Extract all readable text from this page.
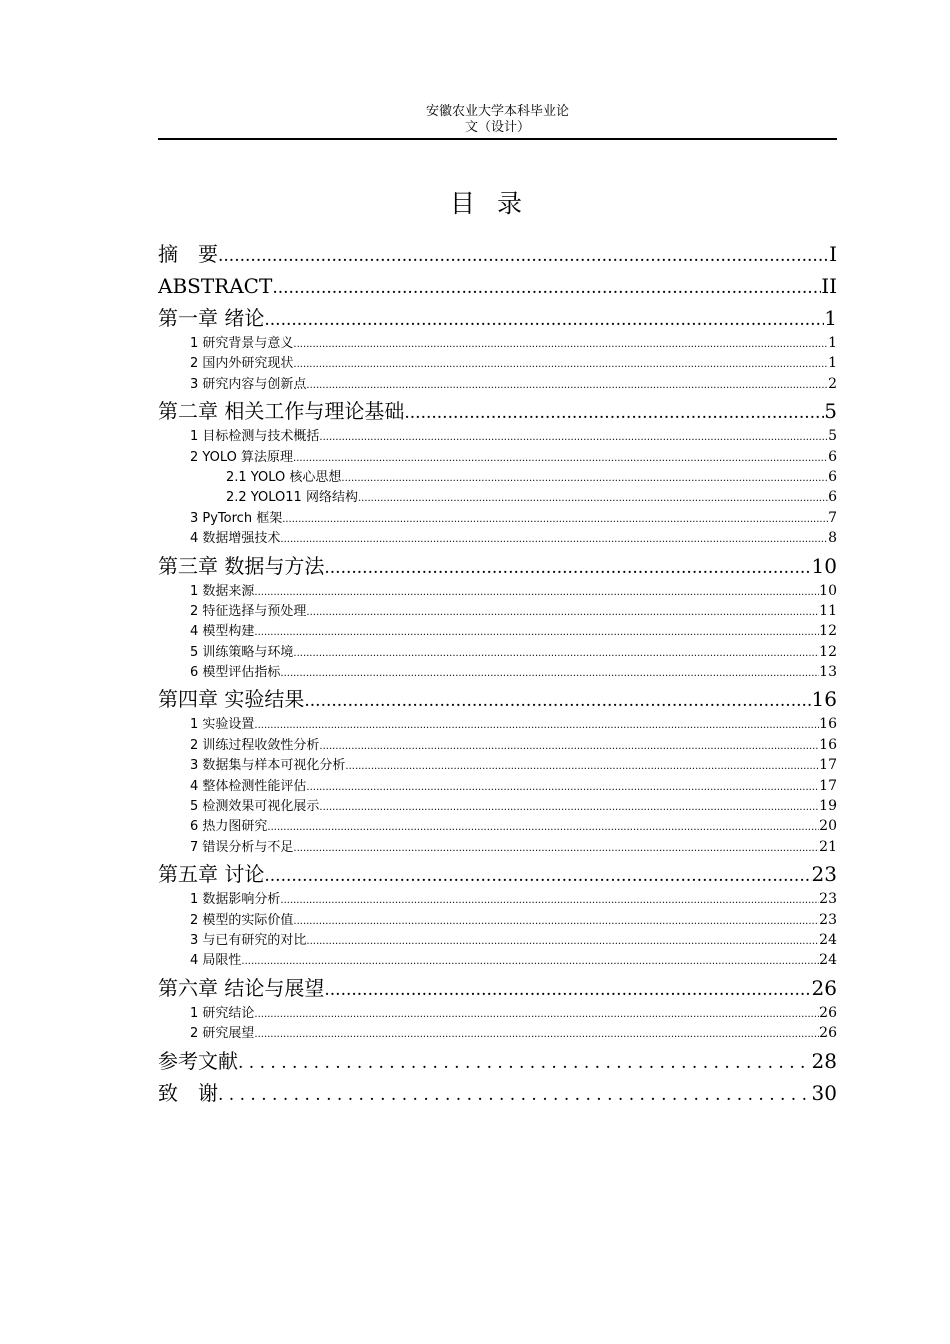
安徽农业大学本科毕业论
文（设计）
目录
摘　要 .....	I
ABSTRACT .....	II
第一章 绪论 .....	1
1 研究背景与意义 .....	1
2 国内外研究现状 .....	1
3 研究内容与创新点 .....	2
第二章 相关工作与理论基础 .....	5
1 目标检测与技术概括 .....	5
2 YOLO 算法原理 .....	6
2.1 YOLO 核心思想 .....	6
2.2 YOLO11 网络结构 .....	6
3 PyTorch 框架 .....	7
4 数据增强技术 .....	8
第三章 数据与方法 .....	10
1 数据来源 .....	10
2 特征选择与预处理 .....	11
4 模型构建 .....	12
5 训练策略与环境 .....	12
6 模型评估指标 .....	13
第四章 实验结果 .....	16
1 实验设置 .....	16
2 训练过程收敛性分析 .....	16
3 数据集与样本可视化分析 .....	17
4 整体检测性能评估 .....	17
5 检测效果可视化展示 .....	19
6 热力图研究 .....	20
7 错误分析与不足 .....	21
第五章 讨论 .....	23
1 数据影响分析 .....	23
2 模型的实际价值 .....	23
3 与已有研究的对比 .....	24
4 局限性 .....	24
第六章 结论与展望 .....	26
1 研究结论 .....	26
2 研究展望 .....	26
参考文献 . . .	28
致　谢 . . .	30
